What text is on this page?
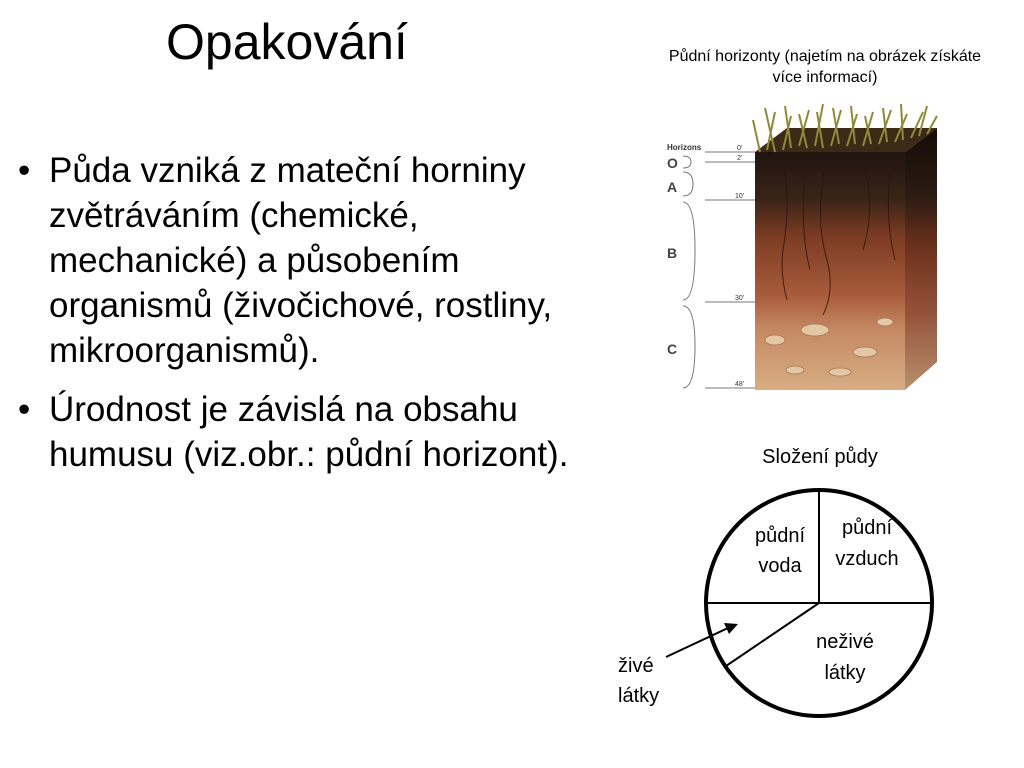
Opakování
• Půda vzniká z mateční horniny zvětráváním (chemické, mechanické) a působením organismů (živočichové, rostliny, mikroorganismů).
• Úrodnost je závislá na obsahu humusu (viz.obr.: půdní horizont).
Půdní horizonty (najetím na obrázek získáte více informací)
Horizons
O
A
B
C
0'
2'
10'
30'
48'
Složení půdy
půdní
voda
půdní
vzduch
neživé
látky
živé
látky
